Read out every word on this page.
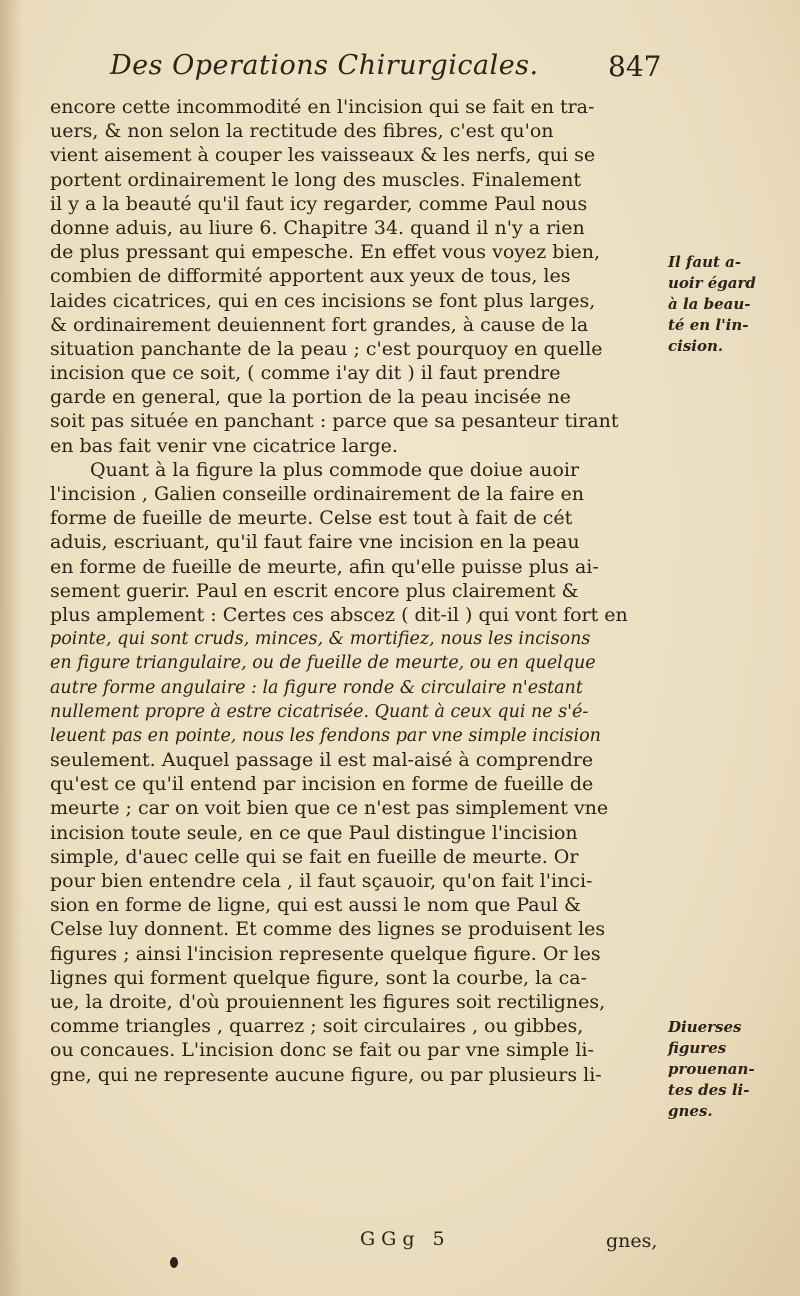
Des Operations Chirurgicales. 847
encore cette incommodité en l'incision qui se fait en tra-
uers, & non selon la rectitude des fibres, c'est qu'on
vient aisement à couper les vaisseaux & les nerfs, qui se
portent ordinairement le long des muscles. Finalement
il y a la beauté qu'il faut icy regarder, comme Paul nous
donne aduis, au liure 6. Chapitre 34. quand il n'y a rien
de plus pressant qui empesche. En effet vous voyez bien,
combien de difformité apportent aux yeux de tous, les
laides cicatrices, qui en ces incisions se font plus larges,
& ordinairement deuiennent fort grandes, à cause de la
situation panchante de la peau ; c'est pourquoy en quelle
incision que ce soit, ( comme i'ay dit ) il faut prendre
garde en general, que la portion de la peau incisée ne
soit pas située en panchant : parce que sa pesanteur tirant
en bas fait venir vne cicatrice large.
Quant à la figure la plus commode que doiue auoir
l'incision , Galien conseille ordinairement de la faire en
forme de fueille de meurte. Celse est tout à fait de cét
aduis, escriuant, qu'il faut faire vne incision en la peau
en forme de fueille de meurte, afin qu'elle puisse plus ai-
sement guerir. Paul en escrit encore plus clairement &
plus amplement : Certes ces abscez ( dit-il ) qui vont fort en
pointe, qui sont cruds, minces, & mortifiez, nous les incisons
en figure triangulaire, ou de fueille de meurte, ou en quelque
autre forme angulaire : la figure ronde & circulaire n'estant
nullement propre à estre cicatrisée. Quant à ceux qui ne s'é-
leuent pas en pointe, nous les fendons par vne simple incision
seulement. Auquel passage il est mal-aisé à comprendre
qu'est ce qu'il entend par incision en forme de fueille de
meurte ; car on voit bien que ce n'est pas simplement vne
incision toute seule, en ce que Paul distingue l'incision
simple, d'auec celle qui se fait en fueille de meurte. Or
pour bien entendre cela , il faut sçauoir, qu'on fait l'inci-
sion en forme de ligne, qui est aussi le nom que Paul &
Celse luy donnent. Et comme des lignes se produisent les
figures ; ainsi l'incision represente quelque figure. Or les
lignes qui forment quelque figure, sont la courbe, la ca-
ue, la droite, d'où prouiennent les figures soit rectilignes,
comme triangles , quarrez ; soit circulaires , ou gibbes,
ou concaues. L'incision donc se fait ou par vne simple li-
gne, qui ne represente aucune figure, ou par plusieurs li-
Il faut a-
uoir égard
à la beau-
té en l'in-
cision.
Diuerses
figures
prouenan-
tes des li-
gnes.
GGg 5	gnes,
